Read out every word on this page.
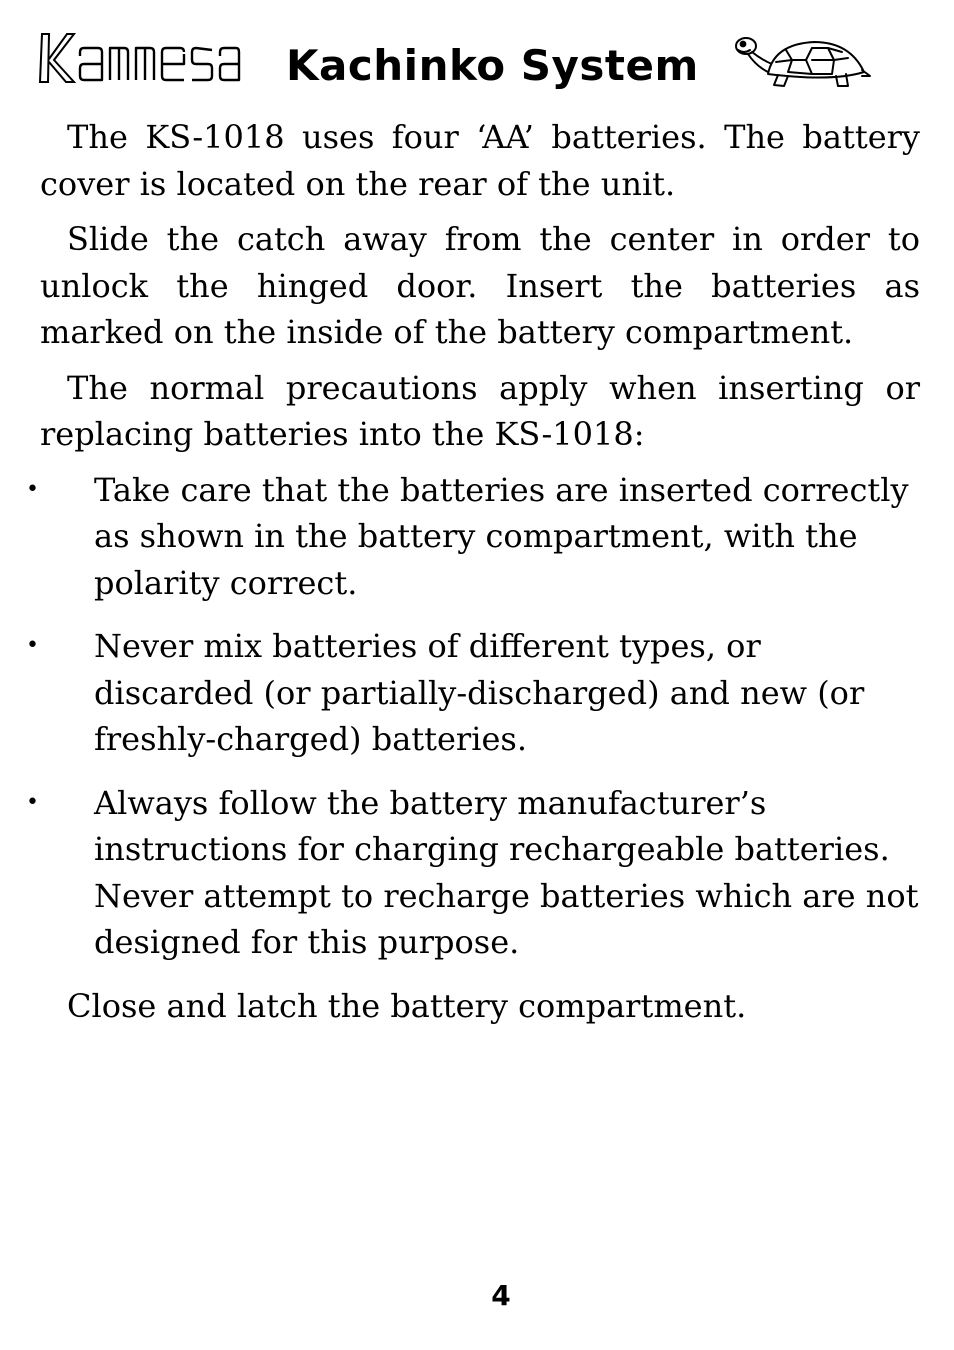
Kachinko System

The KS-1018 uses four ‘AA’ batteries. The battery cover is located on the rear of the unit.

Slide the catch away from the center in order to unlock the hinged door. Insert the batteries as marked on the inside of the battery compartment.

The normal precautions apply when inserting or replacing batteries into the KS-1018:

• Take care that the batteries are inserted correctly as shown in the battery compartment, with the polarity correct.
• Never mix batteries of different types, or discarded (or partially-discharged) and new (or freshly-charged) batteries.
• Always follow the battery manufacturer’s instructions for charging rechargeable batteries. Never attempt to recharge batteries which are not designed for this purpose.

Close and latch the battery compartment.

4
